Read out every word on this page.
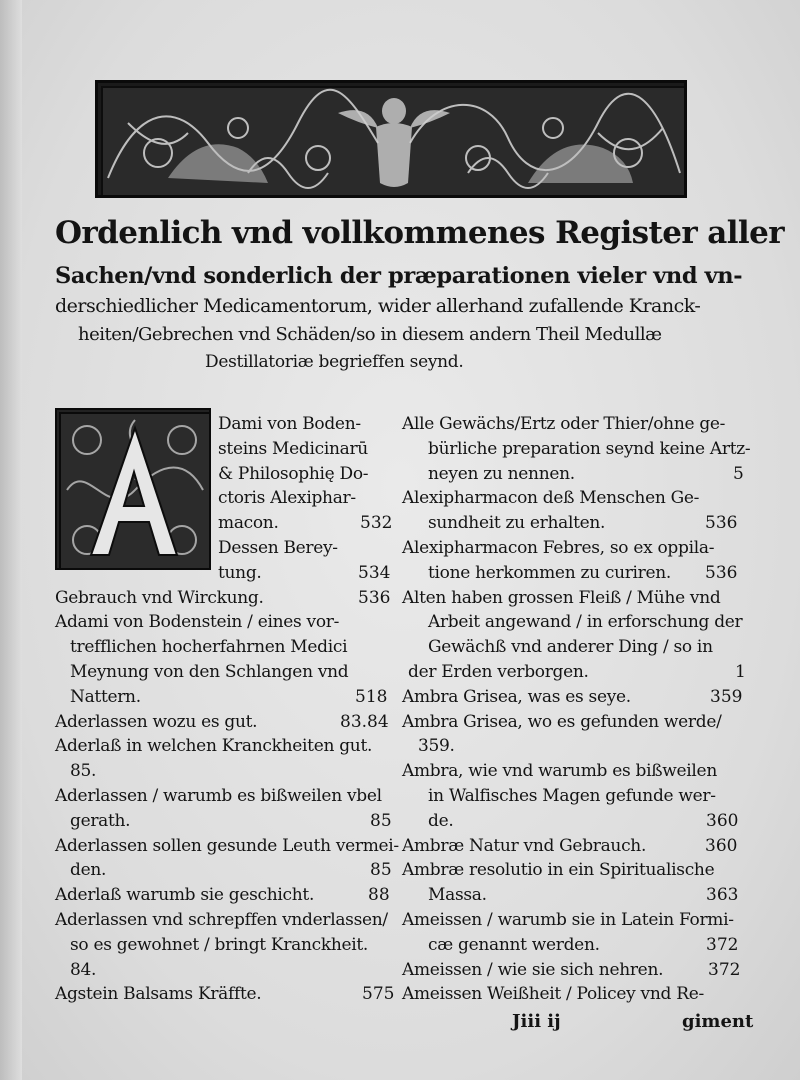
Ordenlich vnd vollkommenes Register aller
Sachen/vnd sonderlich der præparationen vieler vnd vn-
derschiedlicher Medicamentorum, wider allerhand zufallende Kranck-
heiten/Gebrechen vnd Schäden/so in diesem andern Theil Medullæ
Destillatoriæ begrieffen seynd.
Dami von Boden-
steins Medicinarū
& Philosophię Do-
ctoris Alexiphar-
macon.	532
Dessen Berey-
tung.	534
Gebrauch vnd Wirckung.	536
Adami von Bodenstein / eines vor-
trefflichen hocherfahrnen Medici
Meynung von den Schlangen vnd
Nattern.	518
Aderlassen wozu es gut.	83.84
Aderlaß in welchen Kranckheiten gut.
85.
Aderlassen / warumb es bißweilen vbel
gerath.	85
Aderlassen sollen gesunde Leuth vermei-
den.	85
Aderlaß warumb sie geschicht.	88
Aderlassen vnd schrepffen vnderlassen/
so es gewohnet / bringt Kranckheit.
84.
Agstein Balsams Kräffte.	575
Alle Gewächs/Ertz oder Thier/ohne ge-
bürliche preparation seynd keine Artz-
neyen zu nennen.	5
Alexipharmacon deß Menschen Ge-
sundheit zu erhalten.	536
Alexipharmacon Febres, so ex oppila-
tione herkommen zu curiren. 536
Alten haben grossen Fleiß / Mühe vnd
Arbeit angewand / in erforschung der
Gewächß vnd anderer Ding / so in
der Erden verborgen.	1
Ambra Grisea, was es seye.	359
Ambra Grisea, wo es gefunden werde/
359.
Ambra, wie vnd warumb es bißweilen
in Walfisches Magen gefunde wer-
de.	360
Ambræ Natur vnd Gebrauch.	360
Ambræ resolutio in ein Spiritualische
Massa.	363
Ameissen / warumb sie in Latein Formi-
cæ genannt werden.	372
Ameissen / wie sie sich nehren.	372
Ameissen Weißheit / Policey vnd Re-
Jiii ij	giment
